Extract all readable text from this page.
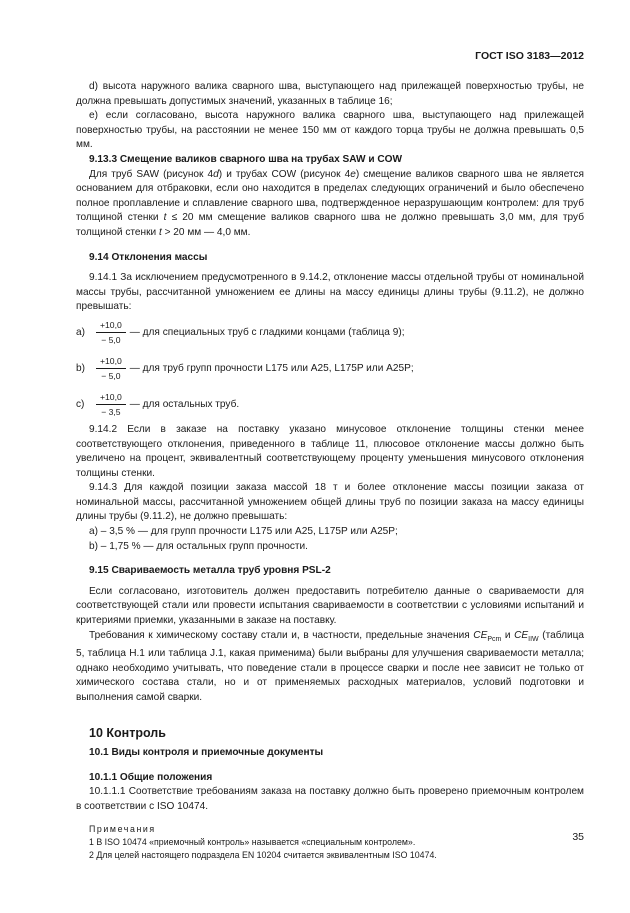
ГОСТ ISO 3183—2012

d) высота наружного валика сварного шва, выступающего над прилежащей поверхностью трубы, не должна превышать допустимых значений, указанных в таблице 16;

е) если согласовано, высота наружного валика сварного шва, выступающего над прилежащей поверхностью трубы, на расстоянии не менее 150 мм от каждого торца трубы не должна превышать 0,5 мм.

9.13.3 Смещение валиков сварного шва на трубах SAW и COW

Для труб SAW (рисунок 4d) и трубах COW (рисунок 4е) смещение валиков сварного шва не является основанием для отбраковки, если оно находится в пределах следующих ограничений и было обеспечено полное проплавление и сплавление сварного шва, подтвержденное неразрушающим контролем: для труб толщиной стенки t ≤ 20 мм смещение валиков сварного шва не должно превышать 3,0 мм, для труб толщиной стенки t > 20 мм — 4,0 мм.

9.14 Отклонения массы

9.14.1 За исключением предусмотренного в 9.14.2, отклонение массы отдельной трубы от номинальной массы трубы, рассчитанной умножением ее длины на массу единицы длины трубы (9.11.2), не должно превышать:

а)	$\frac{+10,0}{- 5,0}$ — для специальных труб с гладкими концами (таблица 9);
b)	$\frac{+10,0}{- 5,0}$ — для труб групп прочности L175 или A25, L175P или A25P;
c)	$\frac{+10,0}{- 3,5}$ — для остальных труб.

9.14.2 Если в заказе на поставку указано минусовое отклонение толщины стенки менее соответствующего отклонения, приведенного в таблице 11, плюсовое отклонение массы должно быть увеличено на процент, эквивалентный соответствующему проценту уменьшения минусового отклонения толщины стенки.

9.14.3 Для каждой позиции заказа массой 18 т и более отклонение массы позиции заказа от номинальной массы, рассчитанной умножением общей длины труб по позиции заказа на массу единицы длины трубы (9.11.2), не должно превышать:

а) – 3,5 % — для групп прочности L175 или A25, L175P или A25P;

b) – 1,75 % — для остальных групп прочности.

9.15 Свариваемость металла труб уровня PSL-2

Если согласовано, изготовитель должен предоставить потребителю данные о свариваемости для соответствующей стали или провести испытания свариваемости в соответствии с условиями испытаний и критериями приемки, указанными в заказе на поставку.

Требования к химическому составу стали и, в частности, предельные значения $CE_{Pcm}$ и $CE_{IIW}$ (таблица 5, таблица H.1 или таблица J.1, какая применима) были выбраны для улучшения свариваемости металла; однако необходимо учитывать, что поведение стали в процессе сварки и после нее зависит не только от химического состава стали, но и от применяемых расходных материалов, условий подготовки и выполнения самой сварки.

10 Контроль

10.1 Виды контроля и приемочные документы

10.1.1 Общие положения

10.1.1.1 Соответствие требованиям заказа на поставку должно быть проверено приемочным контролем в соответствии с ISO 10474.

Примечания

1 В ISO 10474 «приемочный контроль» называется «специальным контролем».

2 Для целей настоящего подраздела EN 10204 считается эквивалентным ISO 10474.

35
